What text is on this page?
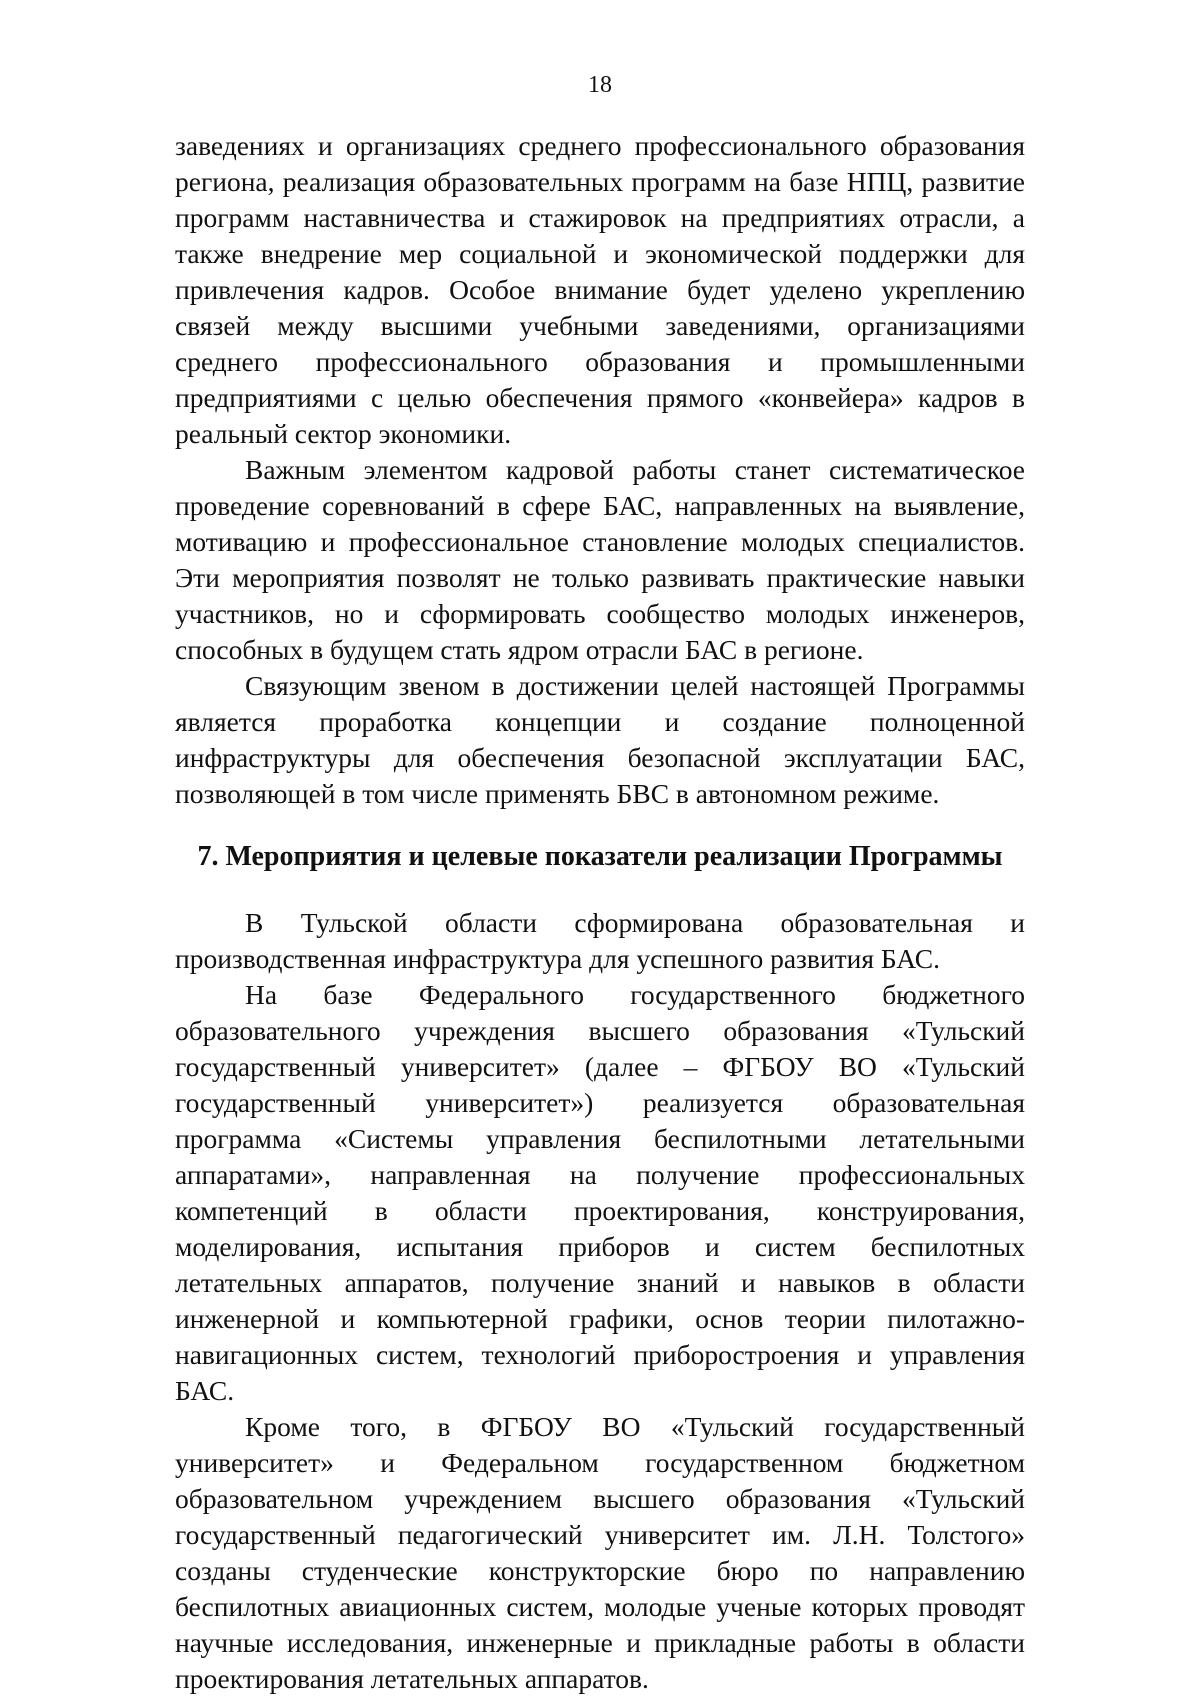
18

заведениях и организациях среднего профессионального образования региона, реализация образовательных программ на базе НПЦ, развитие программ наставничества и стажировок на предприятиях отрасли, а также внедрение мер социальной и экономической поддержки для привлечения кадров. Особое внимание будет уделено укреплению связей между высшими учебными заведениями, организациями среднего профессионального образования и промышленными предприятиями с целью обеспечения прямого «конвейера» кадров в реальный сектор экономики.

Важным элементом кадровой работы станет систематическое проведение соревнований в сфере БАС, направленных на выявление, мотивацию и профессиональное становление молодых специалистов. Эти мероприятия позволят не только развивать практические навыки участников, но и сформировать сообщество молодых инженеров, способных в будущем стать ядром отрасли БАС в регионе.

Связующим звеном в достижении целей настоящей Программы является проработка концепции и создание полноценной инфраструктуры для обеспечения безопасной эксплуатации БАС, позволяющей в том числе применять БВС в автономном режиме.

7. Мероприятия и целевые показатели реализации Программы

В Тульской области сформирована образовательная и производственная инфраструктура для успешного развития БАС.

На базе Федерального государственного бюджетного образовательного учреждения высшего образования «Тульский государственный университет» (далее – ФГБОУ ВО «Тульский государственный университет») реализуется образовательная программа «Системы управления беспилотными летательными аппаратами», направленная на получение профессиональных компетенций в области проектирования, конструирования, моделирования, испытания приборов и систем беспилотных летательных аппаратов, получение знаний и навыков в области инженерной и компьютерной графики, основ теории пилотажно-навигационных систем, технологий приборостроения и управления БАС.

Кроме того, в ФГБОУ ВО «Тульский государственный университет» и Федеральном государственном бюджетном образовательном учреждением высшего образования «Тульский государственный педагогический университет им. Л.Н. Толстого» созданы студенческие конструкторские бюро по направлению беспилотных авиационных систем, молодые ученые которых проводят научные исследования, инженерные и прикладные работы в области проектирования летательных аппаратов.
